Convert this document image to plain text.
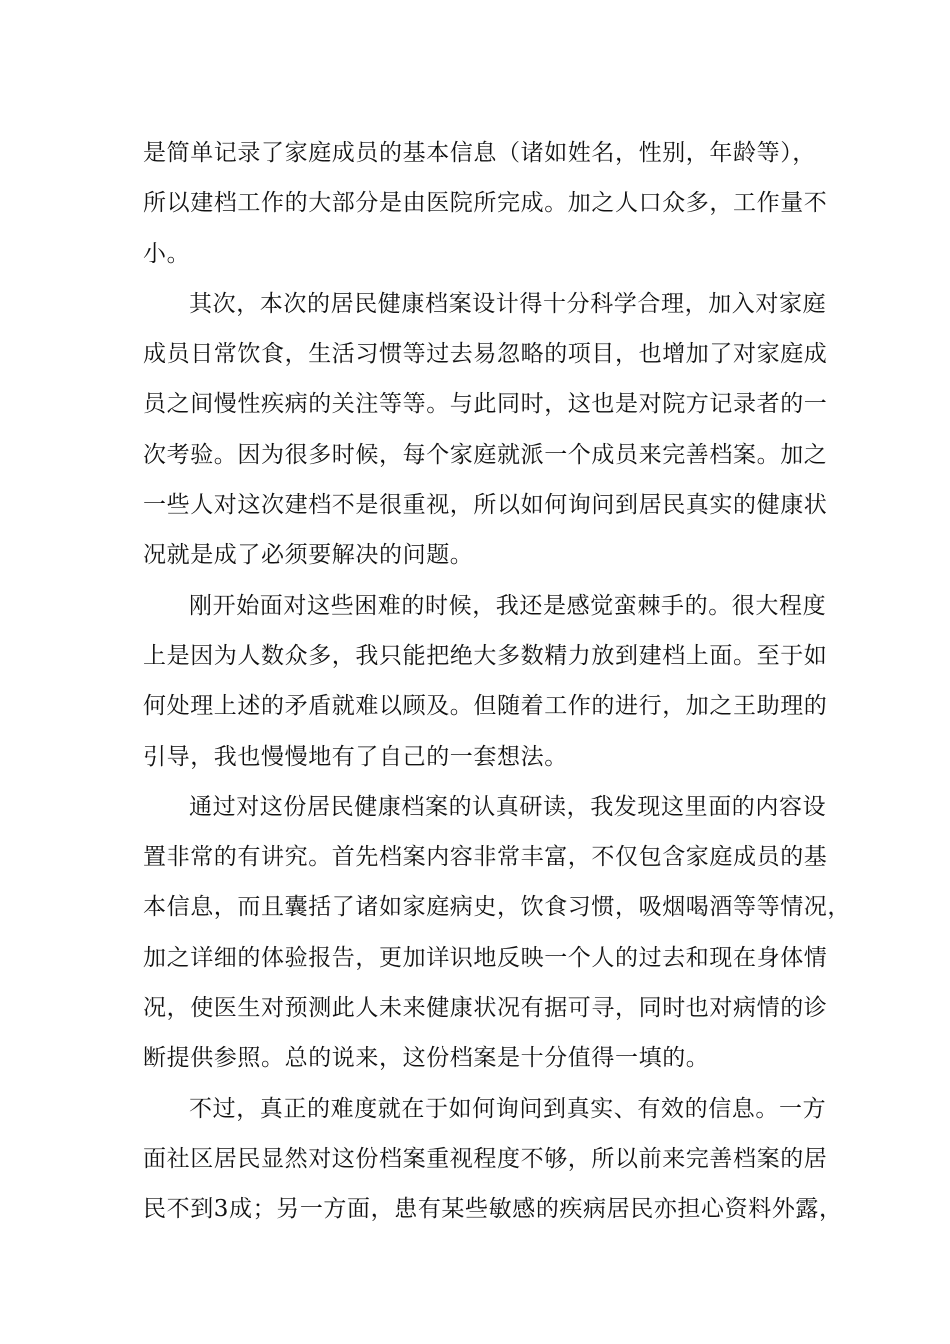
是简单记录了家庭成员的基本信息（诸如姓名，性别，年龄等），
所以建档工作的大部分是由医院所完成。加之人口众多，工作量不
小。
其次，本次的居民健康档案设计得十分科学合理，加入对家庭
成员日常饮食，生活习惯等过去易忽略的项目，也增加了对家庭成
员之间慢性疾病的关注等等。与此同时，这也是对院方记录者的一
次考验。因为很多时候，每个家庭就派一个成员来完善档案。加之
一些人对这次建档不是很重视，所以如何询问到居民真实的健康状
况就是成了必须要解决的问题。
刚开始面对这些困难的时候，我还是感觉蛮棘手的。很大程度
上是因为人数众多，我只能把绝大多数精力放到建档上面。至于如
何处理上述的矛盾就难以顾及。但随着工作的进行，加之王助理的
引导，我也慢慢地有了自己的一套想法。
通过对这份居民健康档案的认真研读，我发现这里面的内容设
置非常的有讲究。首先档案内容非常丰富，不仅包含家庭成员的基
本信息，而且囊括了诸如家庭病史，饮食习惯，吸烟喝酒等等情况，
加之详细的体验报告，更加详识地反映一个人的过去和现在身体情
况，使医生对预测此人未来健康状况有据可寻，同时也对病情的诊
断提供参照。总的说来，这份档案是十分值得一填的。
不过，真正的难度就在于如何询问到真实、有效的信息。一方
面社区居民显然对这份档案重视程度不够，所以前来完善档案的居
民不到3成；另一方面，患有某些敏感的疾病居民亦担心资料外露，
